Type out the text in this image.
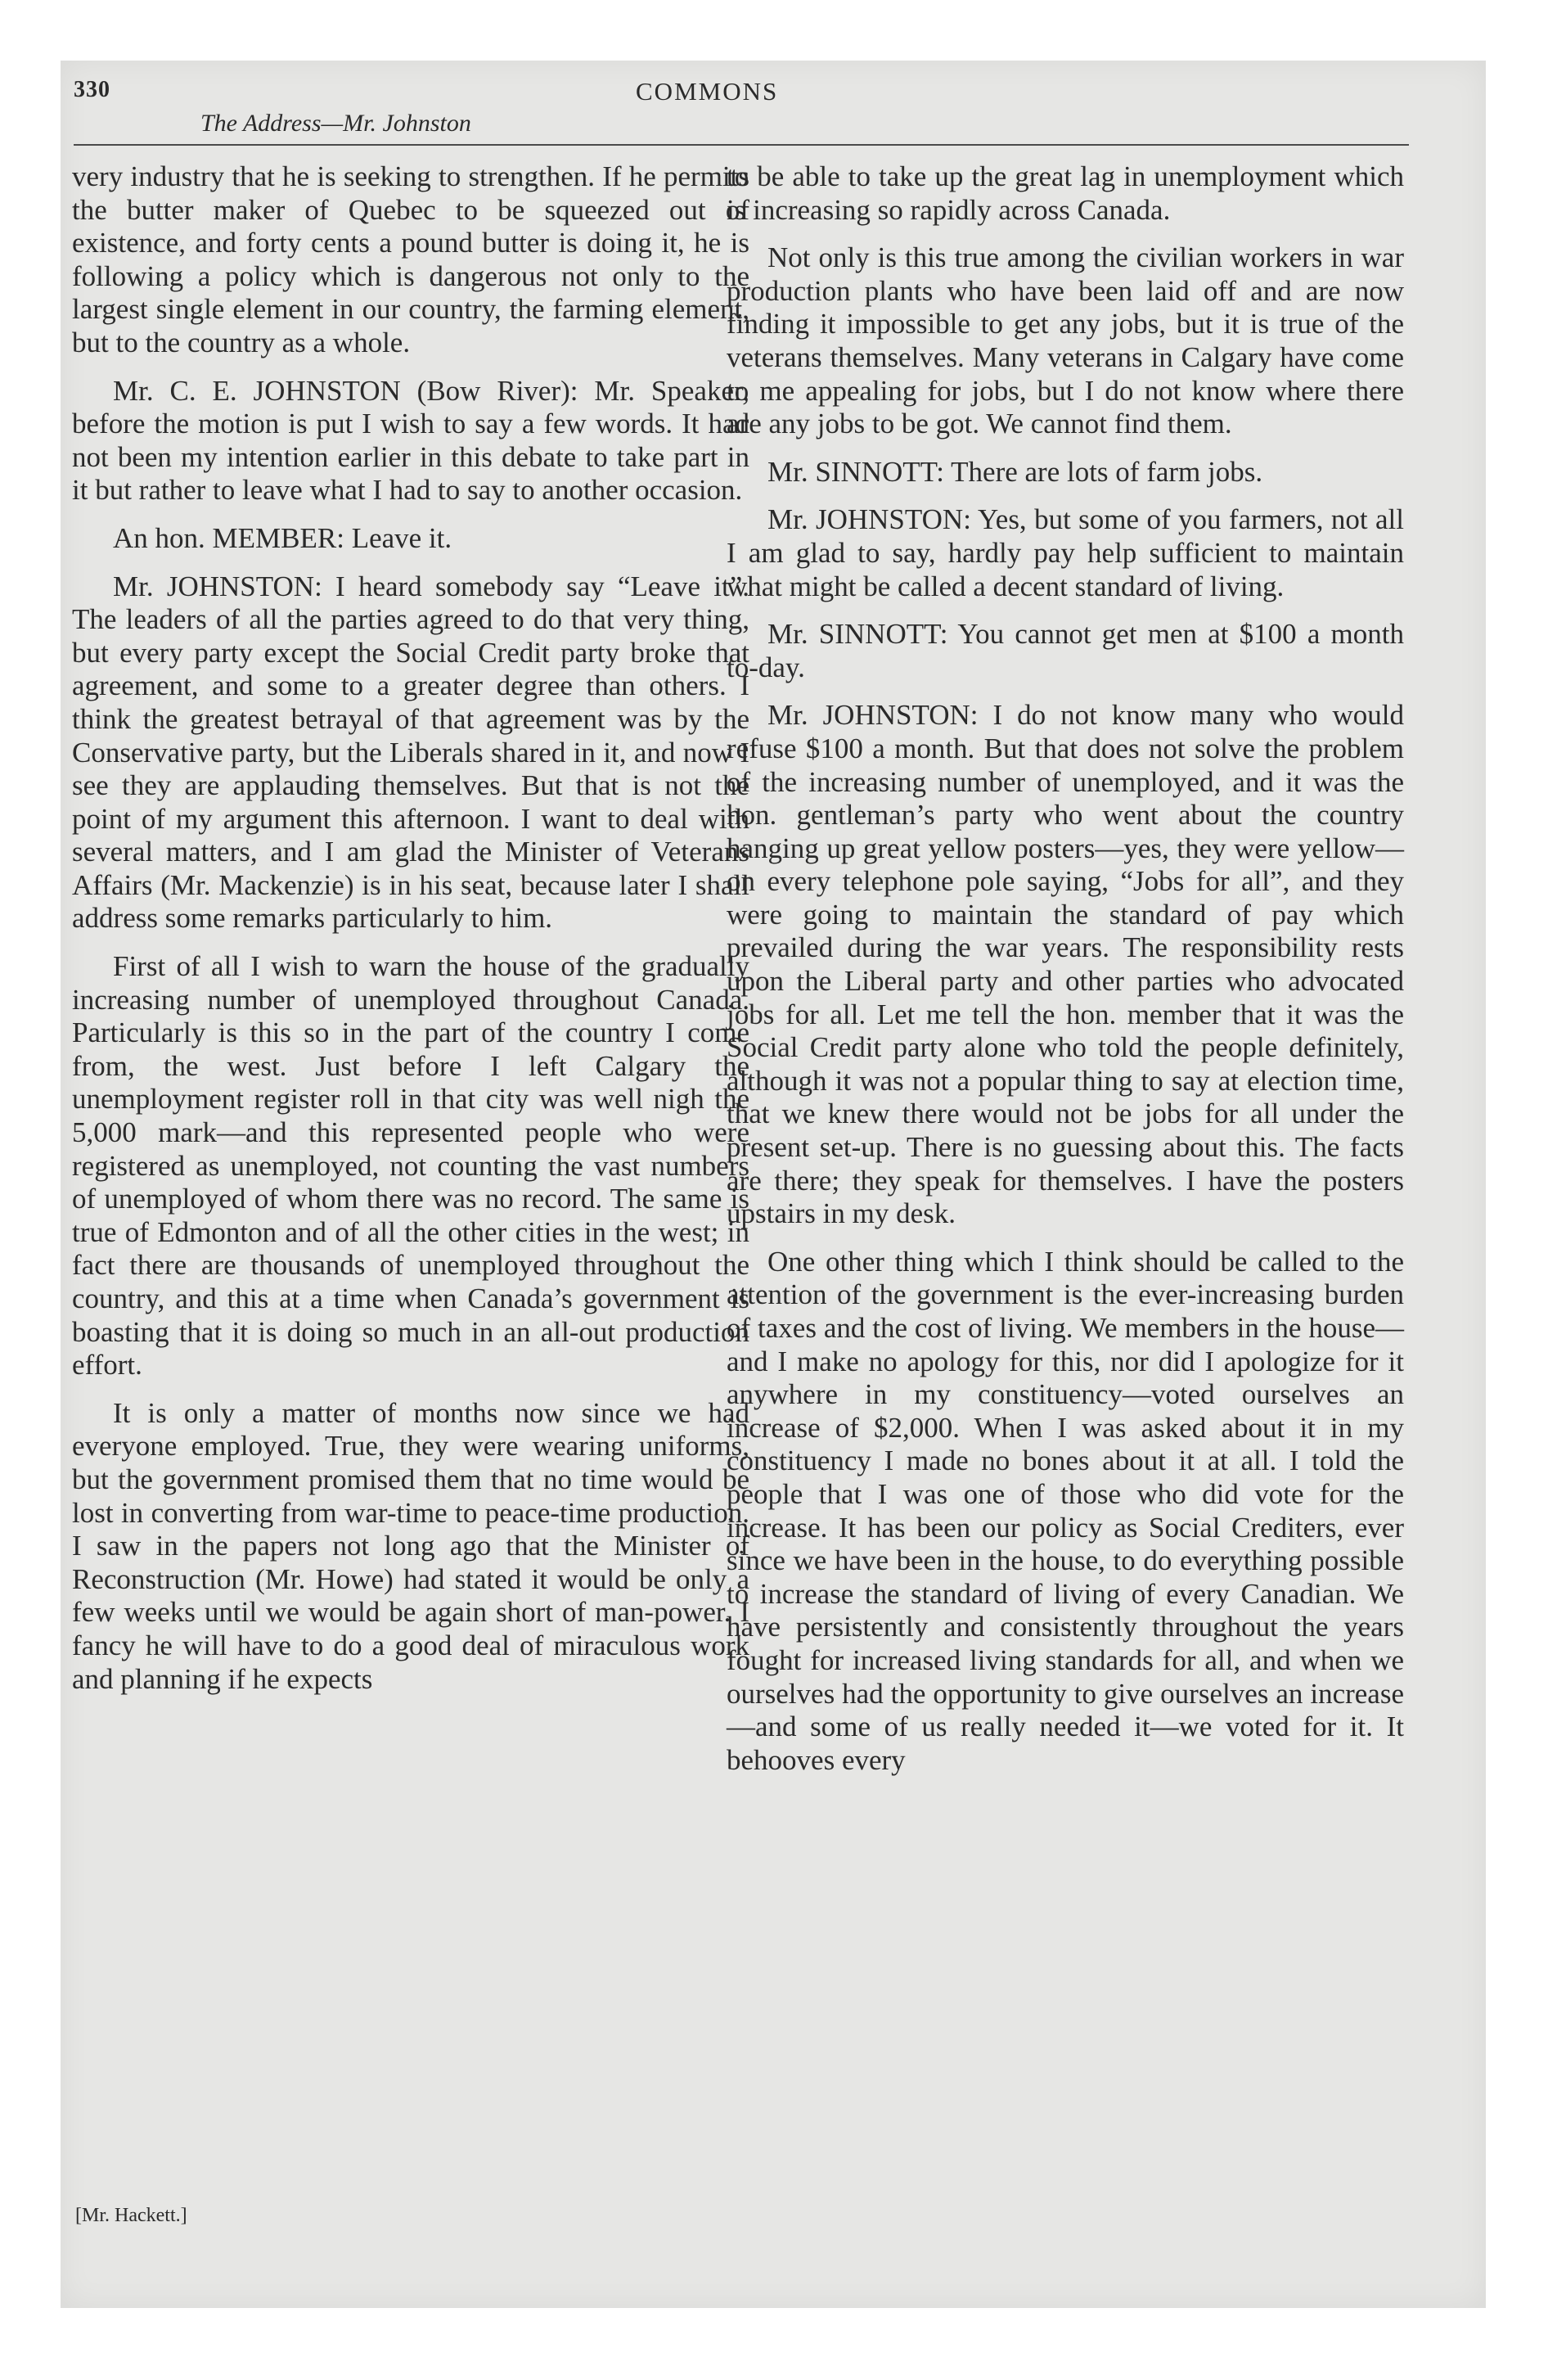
330
The Address—Mr. Johnston
COMMONS

very industry that he is seeking to strengthen. If he permits the butter maker of Quebec to be squeezed out of existence, and forty cents a pound butter is doing it, he is following a policy which is dangerous not only to the largest single element in our country, the farming element, but to the country as a whole.

Mr. C. E. JOHNSTON (Bow River): Mr. Speaker, before the motion is put I wish to say a few words. It had not been my intention earlier in this debate to take part in it but rather to leave what I had to say to another occasion.

An hon. MEMBER: Leave it.

Mr. JOHNSTON: I heard somebody say “Leave it”. The leaders of all the parties agreed to do that very thing, but every party except the Social Credit party broke that agreement, and some to a greater degree than others. I think the greatest betrayal of that agreement was by the Conservative party, but the Liberals shared in it, and now I see they are applauding themselves. But that is not the point of my argument this afternoon. I want to deal with several matters, and I am glad the Minister of Veterans Affairs (Mr. Mackenzie) is in his seat, because later I shall address some remarks particularly to him.

First of all I wish to warn the house of the gradually increasing number of unemployed throughout Canada. Particularly is this so in the part of the country I come from, the west. Just before I left Calgary the unemployment register roll in that city was well nigh the 5,000 mark—and this represented people who were registered as unemployed, not counting the vast numbers of unemployed of whom there was no record. The same is true of Edmonton and of all the other cities in the west; in fact there are thousands of unemployed throughout the country, and this at a time when Canada’s government is boasting that it is doing so much in an all-out production effort.

It is only a matter of months now since we had everyone employed. True, they were wearing uniforms, but the government promised them that no time would be lost in converting from war-time to peace-time production. I saw in the papers not long ago that the Minister of Reconstruction (Mr. Howe) had stated it would be only a few weeks until we would be again short of man-power. I fancy he will have to do a good deal of miraculous work and planning if he expects

to be able to take up the great lag in unemployment which is increasing so rapidly across Canada.

Not only is this true among the civilian workers in war production plants who have been laid off and are now finding it impossible to get any jobs, but it is true of the veterans themselves. Many veterans in Calgary have come to me appealing for jobs, but I do not know where there are any jobs to be got. We cannot find them.

Mr. SINNOTT: There are lots of farm jobs.

Mr. JOHNSTON: Yes, but some of you farmers, not all I am glad to say, hardly pay help sufficient to maintain what might be called a decent standard of living.

Mr. SINNOTT: You cannot get men at $100 a month to-day.

Mr. JOHNSTON: I do not know many who would refuse $100 a month. But that does not solve the problem of the increasing number of unemployed, and it was the hon. gentleman’s party who went about the country hanging up great yellow posters—yes, they were yellow—on every telephone pole saying, “Jobs for all”, and they were going to maintain the standard of pay which prevailed during the war years. The responsibility rests upon the Liberal party and other parties who advocated jobs for all. Let me tell the hon. member that it was the Social Credit party alone who told the people definitely, although it was not a popular thing to say at election time, that we knew there would not be jobs for all under the present set-up. There is no guessing about this. The facts are there; they speak for themselves. I have the posters upstairs in my desk.

One other thing which I think should be called to the attention of the government is the ever-increasing burden of taxes and the cost of living. We members in the house—and I make no apology for this, nor did I apologize for it anywhere in my constituency—voted ourselves an increase of $2,000. When I was asked about it in my constituency I made no bones about it at all. I told the people that I was one of those who did vote for the increase. It has been our policy as Social Crediters, ever since we have been in the house, to do everything possible to increase the standard of living of every Canadian. We have persistently and consistently throughout the years fought for increased living standards for all, and when we ourselves had the opportunity to give ourselves an increase—and some of us really needed it—we voted for it. It behooves every

[Mr. Hackett.]
